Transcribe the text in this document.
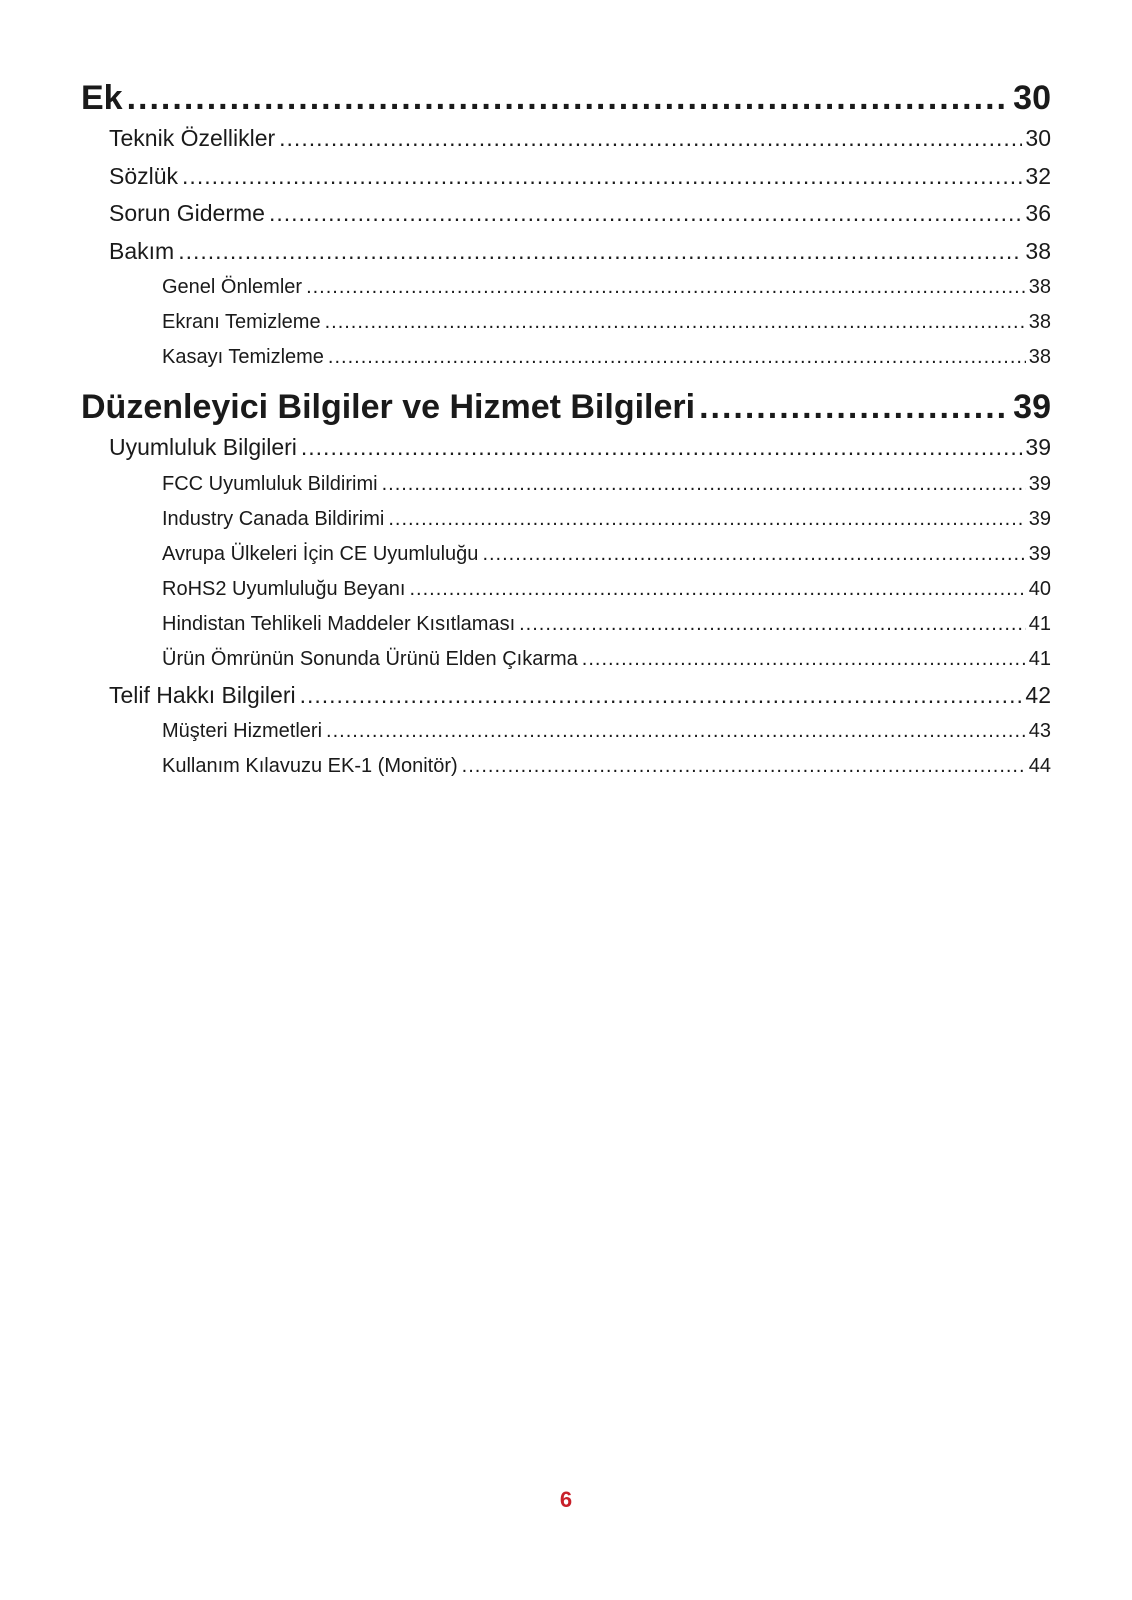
Ek .....	30
Teknik Özellikler .....	30
Sözlük .....	32
Sorun Giderme .....	36
Bakım .....	38
Genel Önlemler .....	38
Ekranı Temizleme .....	38
Kasayı Temizleme .....	38
Düzenleyici Bilgiler ve Hizmet Bilgileri .....	39
Uyumluluk Bilgileri .....	39
FCC Uyumluluk Bildirimi .....	39
Industry Canada Bildirimi .....	39
Avrupa Ülkeleri İçin CE Uyumluluğu .....	39
RoHS2 Uyumluluğu Beyanı .....	40
Hindistan Tehlikeli Maddeler Kısıtlaması .....	41
Ürün Ömrünün Sonunda Ürünü Elden Çıkarma .....	41
Telif Hakkı Bilgileri .....	42
Müşteri Hizmetleri .....	43
Kullanım Kılavuzu EK-1 (Monitör) .....	44
6
